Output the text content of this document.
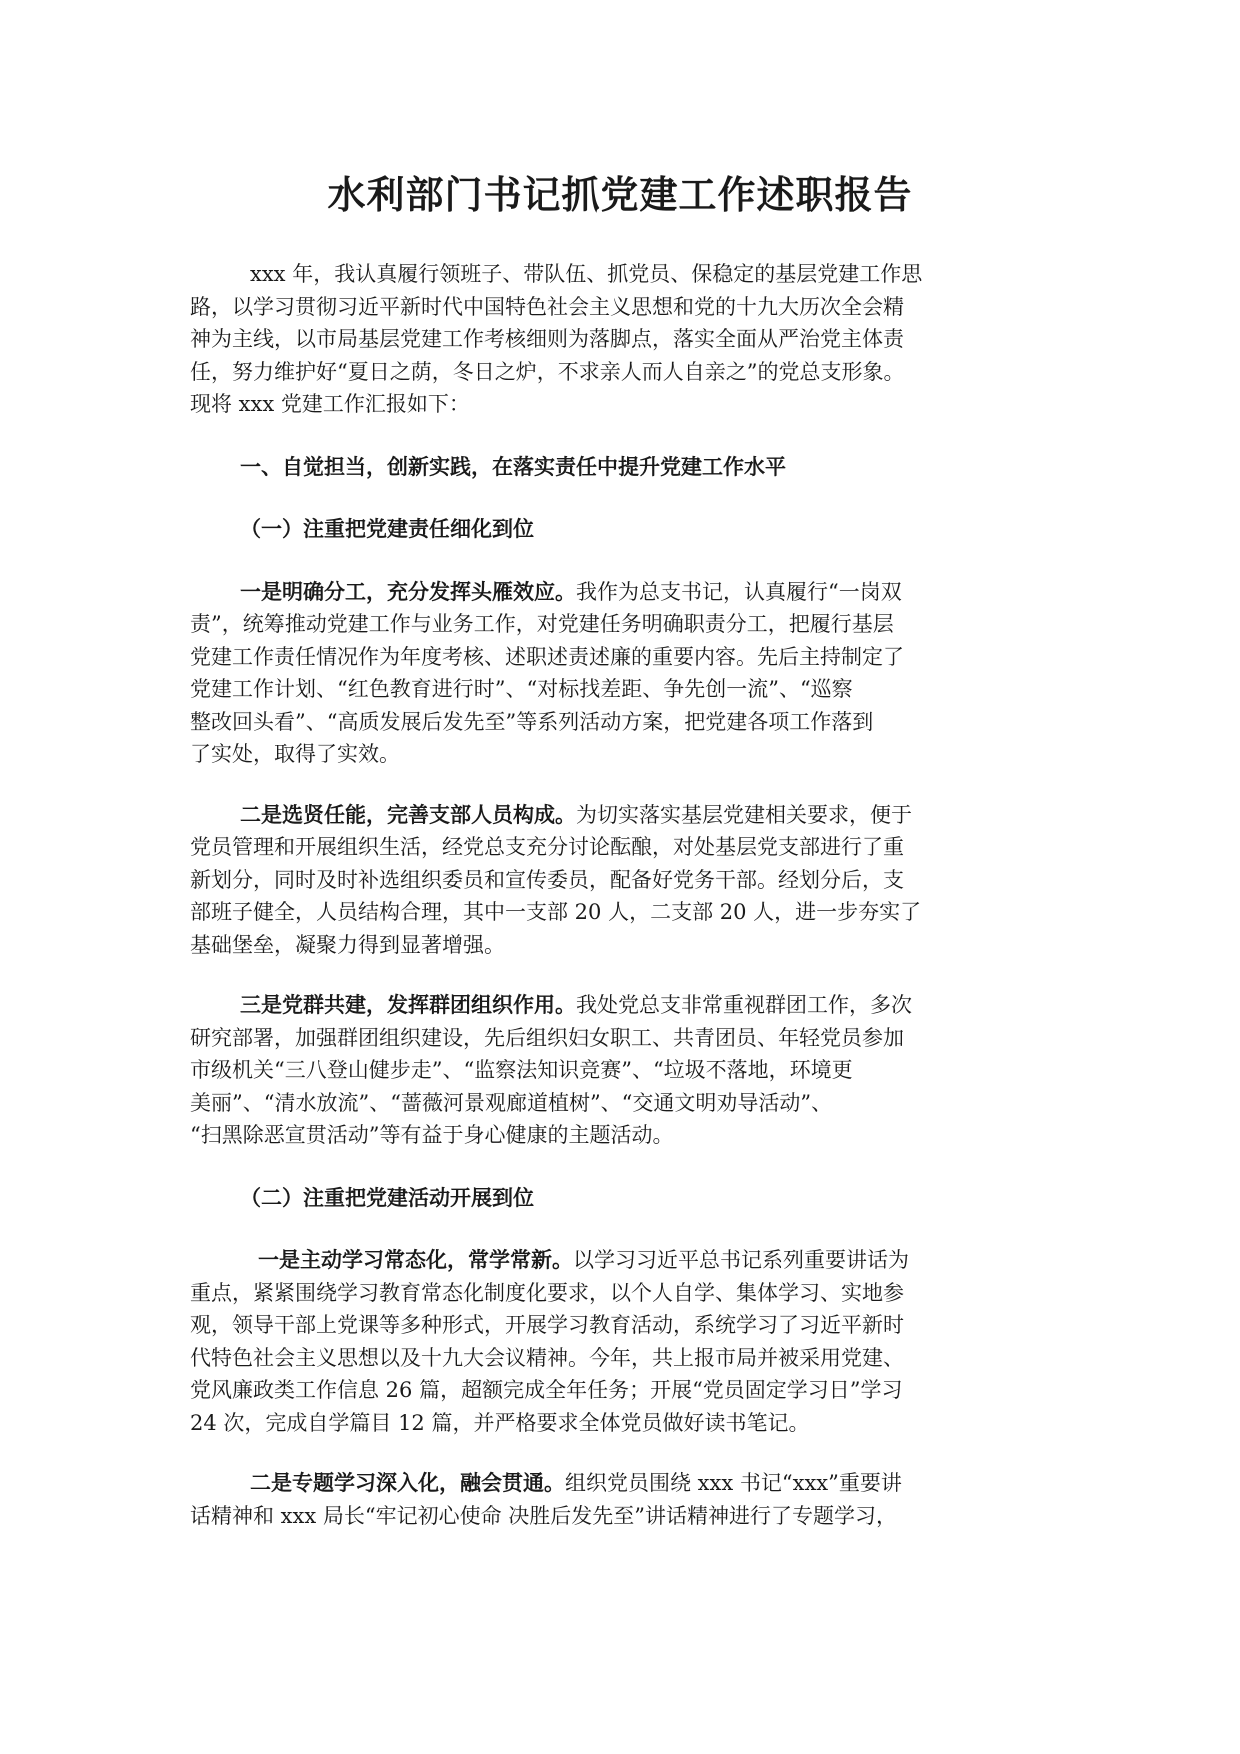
水利部门书记抓党建工作述职报告

xxx 年，我认真履行领班子、带队伍、抓党员、保稳定的基层党建工作思
路，以学习贯彻习近平新时代中国特色社会主义思想和党的十九大历次全会精
神为主线，以市局基层党建工作考核细则为落脚点，落实全面从严治党主体责
任，努力维护好“夏日之荫，冬日之炉，不求亲人而人自亲之”的党总支形象。
现将 xxx 党建工作汇报如下：

一、自觉担当，创新实践，在落实责任中提升党建工作水平
（一）注重把党建责任细化到位

一是明确分工，充分发挥头雁效应。我作为总支书记，认真履行“一岗双
责”，统筹推动党建工作与业务工作，对党建任务明确职责分工，把履行基层
党建工作责任情况作为年度考核、述职述责述廉的重要内容。先后主持制定了
党建工作计划、“红色教育进行时”、“对标找差距、争先创一流”、“巡察
整改回头看”、“高质发展后发先至”等系列活动方案，把党建各项工作落到
了实处，取得了实效。

二是选贤任能，完善支部人员构成。为切实落实基层党建相关要求，便于
党员管理和开展组织生活，经党总支充分讨论酝酿，对处基层党支部进行了重
新划分，同时及时补选组织委员和宣传委员，配备好党务干部。经划分后，支
部班子健全，人员结构合理，其中一支部 20 人，二支部 20 人，进一步夯实了
基础堡垒，凝聚力得到显著增强。

三是党群共建，发挥群团组织作用。我处党总支非常重视群团工作，多次
研究部署，加强群团组织建设，先后组织妇女职工、共青团员、年轻党员参加
市级机关“三八登山健步走”、“监察法知识竞赛”、“垃圾不落地，环境更
美丽”、“清水放流”、“蔷薇河景观廊道植树”、“交通文明劝导活动”、
“扫黑除恶宣贯活动”等有益于身心健康的主题活动。

（二）注重把党建活动开展到位

一是主动学习常态化，常学常新。以学习习近平总书记系列重要讲话为
重点，紧紧围绕学习教育常态化制度化要求，以个人自学、集体学习、实地参
观，领导干部上党课等多种形式，开展学习教育活动，系统学习了习近平新时
代特色社会主义思想以及十九大会议精神。今年，共上报市局并被采用党建、
党风廉政类工作信息 26 篇，超额完成全年任务；开展“党员固定学习日”学习
24 次，完成自学篇目 12 篇，并严格要求全体党员做好读书笔记。

二是专题学习深入化，融会贯通。组织党员围绕 xxx 书记“xxx”重要讲
话精神和 xxx 局长“牢记初心使命 决胜后发先至”讲话精神进行了专题学习，
